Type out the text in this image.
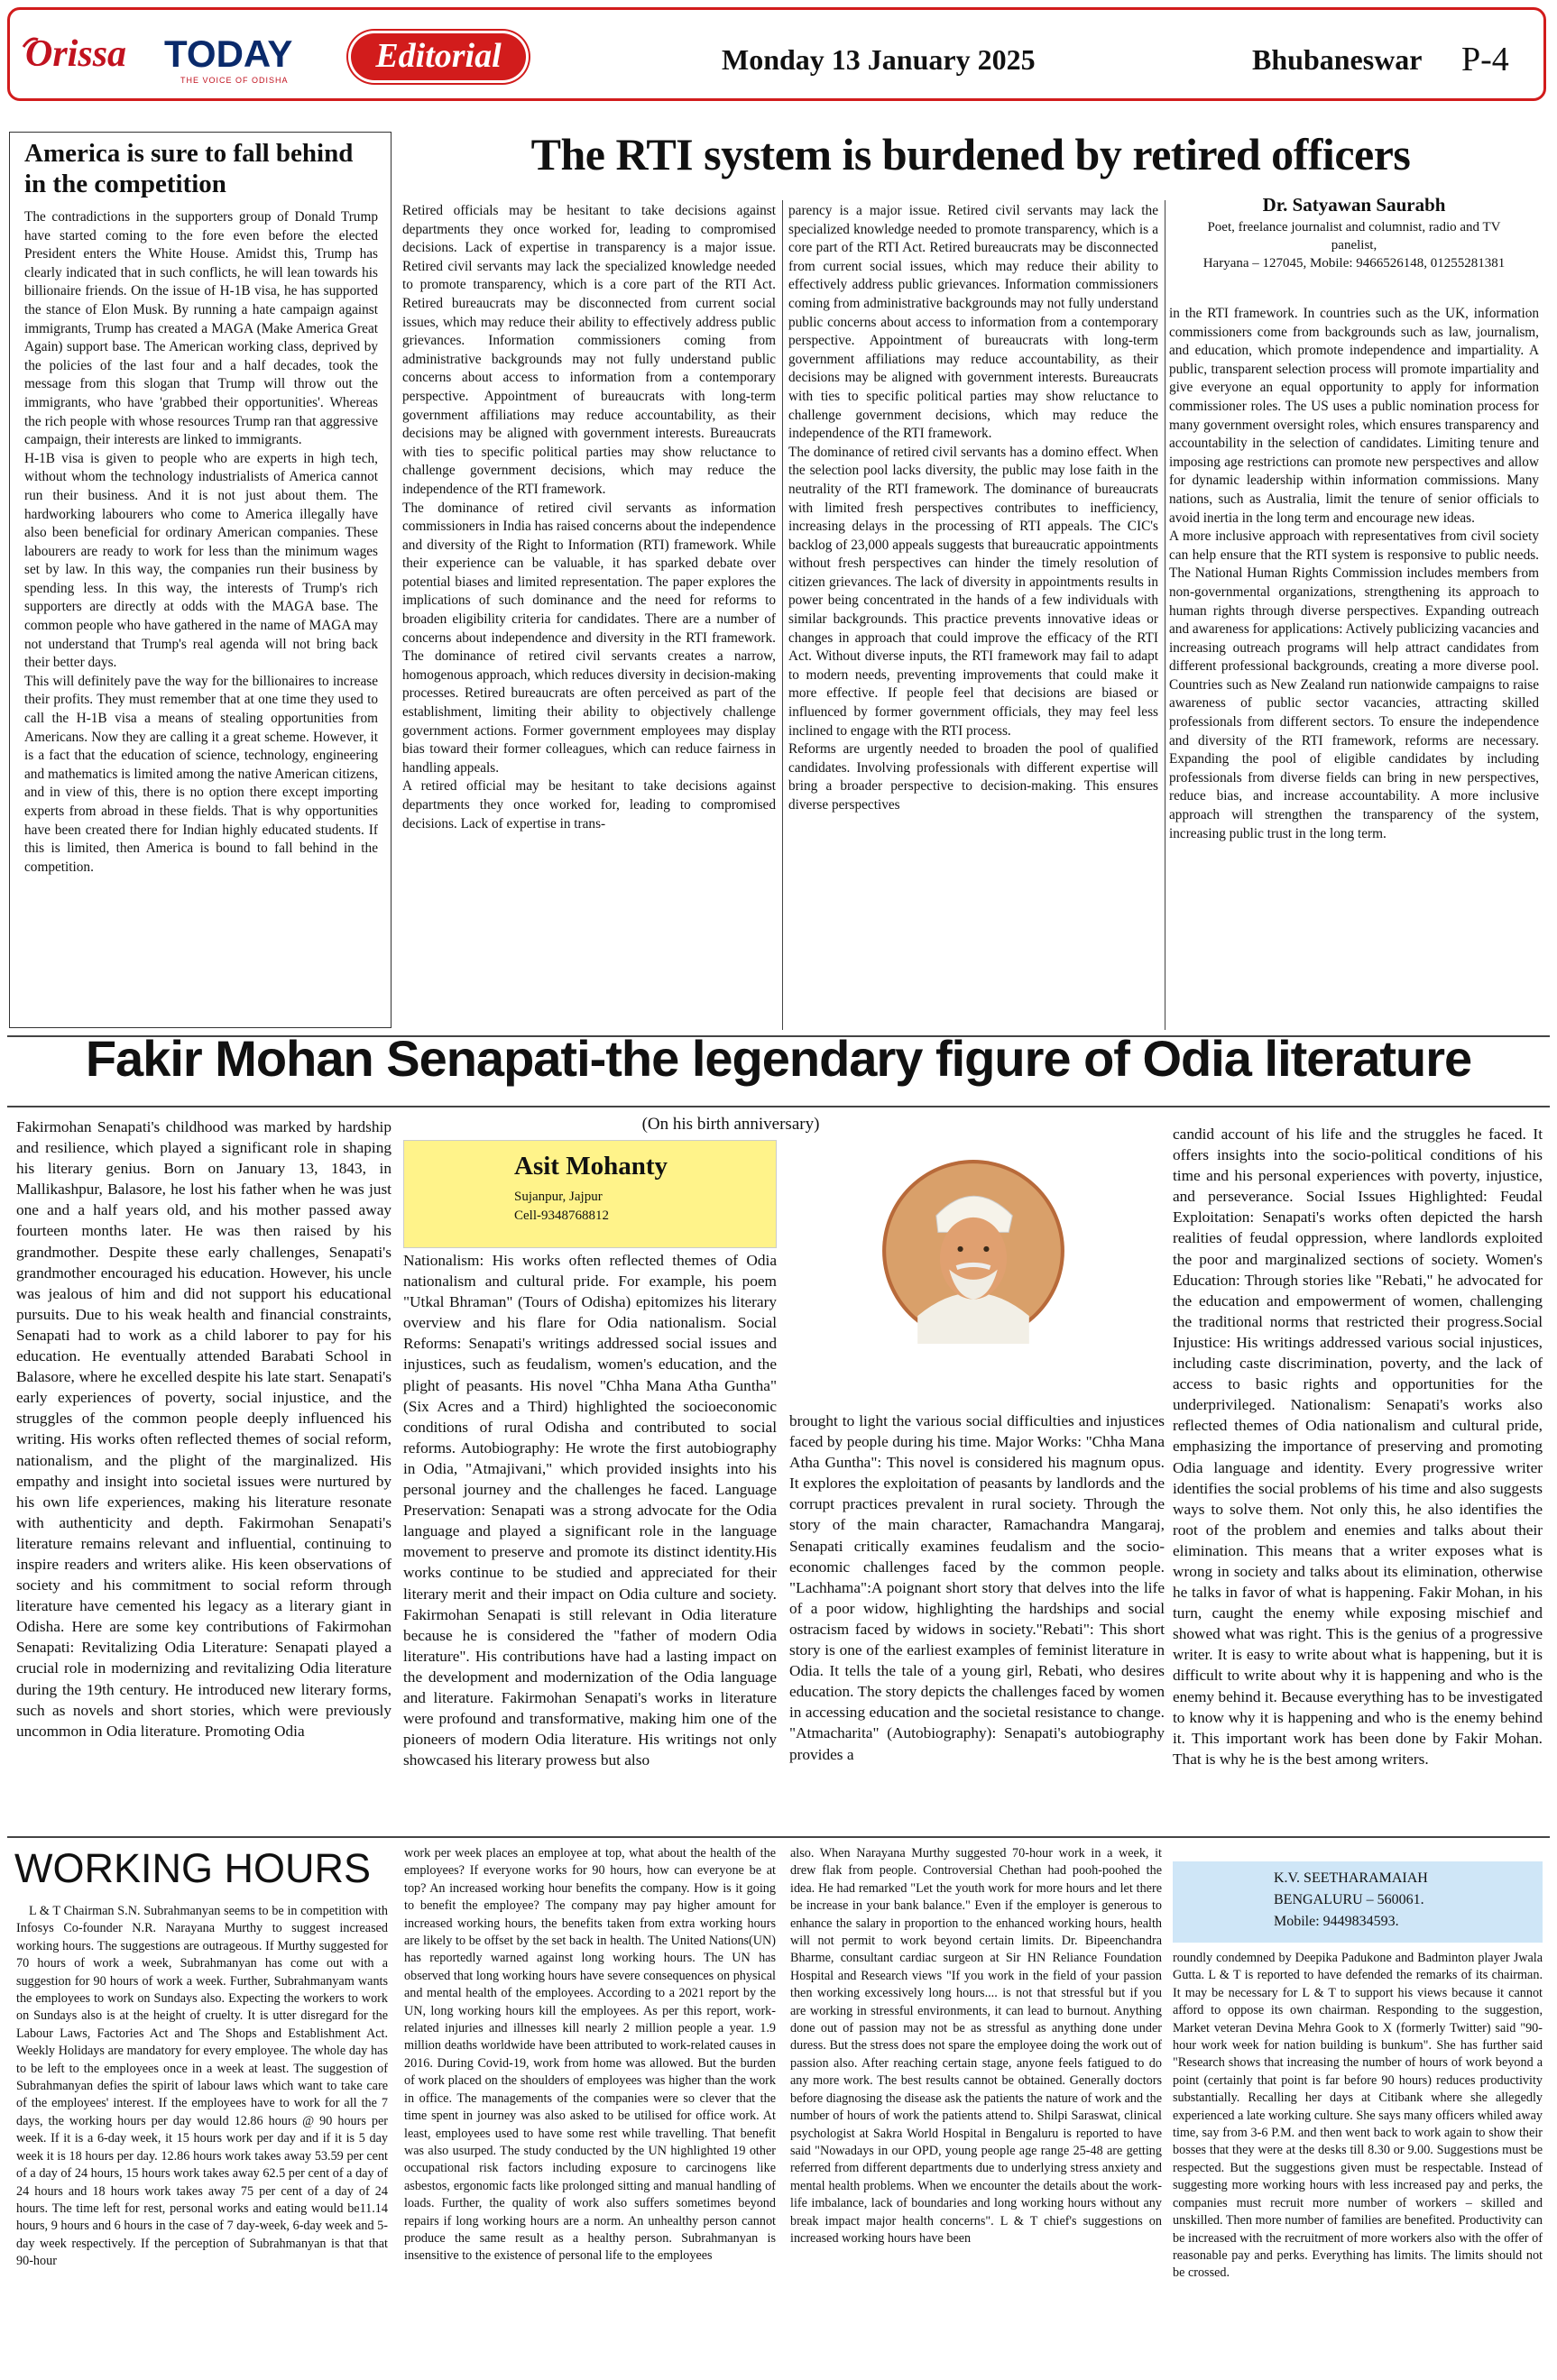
Orissa TODAY
THE VOICE OF ODISHA
Editorial	Monday 13 January 2025	Bhubaneswar P-4
America is sure to fall behind in the competition

The contradictions in the supporters group of Donald Trump have started coming to the fore even before the elected President enters the White House. Amidst this, Trump has clearly indicated that in such conflicts, he will lean towards his billionaire friends. On the issue of H-1B visa, he has supported the stance of Elon Musk. By running a hate campaign against immigrants, Trump has created a MAGA (Make America Great Again) support base. The American working class, deprived by the policies of the last four and a half decades, took the message from this slogan that Trump will throw out the immigrants, who have 'grabbed their opportunities'. Whereas the rich people with whose resources Trump ran that aggressive campaign, their interests are linked to immigrants.
H-1B visa is given to people who are experts in high tech, without whom the technology industrialists of America cannot run their business. And it is not just about them. The hardworking labourers who come to America illegally have also been beneficial for ordinary American companies. These labourers are ready to work for less than the minimum wages set by law. In this way, the companies run their business by spending less. In this way, the interests of Trump's rich supporters are directly at odds with the MAGA base. The common people who have gathered in the name of MAGA may not understand that Trump's real agenda will not bring back their better days.
This will definitely pave the way for the billionaires to increase their profits. They must remember that at one time they used to call the H-1B visa a means of stealing opportunities from Americans. Now they are calling it a great scheme. However, it is a fact that the education of science, technology, engineering and mathematics is limited among the native American citizens, and in view of this, there is no option there except importing experts from abroad in these fields. That is why opportunities have been created there for Indian highly educated students. If this is limited, then America is bound to fall behind in the competition.

The RTI system is burdened by retired officers

Retired officials may be hesitant to take decisions against departments they once worked for, leading to compromised decisions. Lack of expertise in transparency is a major issue. Retired civil servants may lack the specialized knowledge needed to promote transparency, which is a core part of the RTI Act. Retired bureaucrats may be disconnected from current social issues, which may reduce their ability to effectively address public grievances. Information commissioners coming from administrative backgrounds may not fully understand public concerns about access to information from a contemporary perspective. Appointment of bureaucrats with long-term government affiliations may reduce accountability, as their decisions may be aligned with government interests. Bureaucrats with ties to specific political parties may show reluctance to challenge government decisions, which may reduce the independence of the RTI framework.
The dominance of retired civil servants as information commissioners in India has raised concerns about the independence and diversity of the Right to Information (RTI) framework. While their experience can be valuable, it has sparked debate over potential biases and limited representation. The paper explores the implications of such dominance and the need for reforms to broaden eligibility criteria for candidates. There are a number of concerns about independence and diversity in the RTI framework. The dominance of retired civil servants creates a narrow, homogenous approach, which reduces diversity in decision-making processes. Retired bureaucrats are often perceived as part of the establishment, limiting their ability to objectively challenge government actions. Former government employees may display bias toward their former colleagues, which can reduce fairness in handling appeals.
A retired official may be hesitant to take decisions against departments they once worked for, leading to compromised decisions. Lack of expertise in trans-

parency is a major issue. Retired civil servants may lack the specialized knowledge needed to promote transparency, which is a core part of the RTI Act. Retired bureaucrats may be disconnected from current social issues, which may reduce their ability to effectively address public grievances. Information commissioners coming from administrative backgrounds may not fully understand public concerns about access to information from a contemporary perspective. Appointment of bureaucrats with long-term government affiliations may reduce accountability, as their decisions may be aligned with government interests. Bureaucrats with ties to specific political parties may show reluctance to challenge government decisions, which may reduce the independence of the RTI framework.
The dominance of retired civil servants has a domino effect. When the selection pool lacks diversity, the public may lose faith in the neutrality of the RTI framework. The dominance of bureaucrats with limited fresh perspectives contributes to inefficiency, increasing delays in the processing of RTI appeals. The CIC's backlog of 23,000 appeals suggests that bureaucratic appointments without fresh perspectives can hinder the timely resolution of citizen grievances. The lack of diversity in appointments results in power being concentrated in the hands of a few individuals with similar backgrounds. This practice prevents innovative ideas or changes in approach that could improve the efficacy of the RTI Act. Without diverse inputs, the RTI framework may fail to adapt to modern needs, preventing improvements that could make it more effective. If people feel that decisions are biased or influenced by former government officials, they may feel less inclined to engage with the RTI process.
Reforms are urgently needed to broaden the pool of qualified candidates. Involving professionals with different expertise will bring a broader perspective to decision-making. This ensures diverse perspectives

Dr. Satyawan Saurabh
Poet, freelance journalist and columnist, radio and TV panelist,
Haryana – 127045, Mobile: 9466526148, 01255281381

in the RTI framework. In countries such as the UK, information commissioners come from backgrounds such as law, journalism, and education, which promote independence and impartiality. A public, transparent selection process will promote impartiality and give everyone an equal opportunity to apply for information commissioner roles. The US uses a public nomination process for many government oversight roles, which ensures transparency and accountability in the selection of candidates. Limiting tenure and imposing age restrictions can promote new perspectives and allow for dynamic leadership within information commissions. Many nations, such as Australia, limit the tenure of senior officials to avoid inertia in the long term and encourage new ideas.
A more inclusive approach with representatives from civil society can help ensure that the RTI system is responsive to public needs. The National Human Rights Commission includes members from non-governmental organizations, strengthening its approach to human rights through diverse perspectives. Expanding outreach and awareness for applications: Actively publicizing vacancies and increasing outreach programs will help attract candidates from different professional backgrounds, creating a more diverse pool. Countries such as New Zealand run nationwide campaigns to raise awareness of public sector vacancies, attracting skilled professionals from different sectors. To ensure the independence and diversity of the RTI framework, reforms are necessary. Expanding the pool of eligible candidates by including professionals from diverse fields can bring in new perspectives, reduce bias, and increase accountability. A more inclusive approach will strengthen the transparency of the system, increasing public trust in the long term.

Fakir Mohan Senapati-the legendary figure of Odia literature

Fakirmohan Senapati's childhood was marked by hardship and resilience, which played a significant role in shaping his literary genius. Born on January 13, 1843, in Mallikashpur, Balasore, he lost his father when he was just one and a half years old, and his mother passed away fourteen months later. He was then raised by his grandmother. Despite these early challenges, Senapati's grandmother encouraged his education. However, his uncle was jealous of him and did not support his educational pursuits. Due to his weak health and financial constraints, Senapati had to work as a child laborer to pay for his education. He eventually attended Barabati School in Balasore, where he excelled despite his late start. Senapati's early experiences of poverty, social injustice, and the struggles of the common people deeply influenced his writing. His works often reflected themes of social reform, nationalism, and the plight of the marginalized. His empathy and insight into societal issues were nurtured by his own life experiences, making his literature resonate with authenticity and depth. Fakirmohan Senapati's literature remains relevant and influential, continuing to inspire readers and writers alike. His keen observations of society and his commitment to social reform through literature have cemented his legacy as a literary giant in Odisha. Here are some key contributions of Fakirmohan Senapati: Revitalizing Odia Literature: Senapati played a crucial role in modernizing and revitalizing Odia literature during the 19th century. He introduced new literary forms, such as novels and short stories, which were previously uncommon in Odia literature. Promoting Odia

(On his birth anniversary)
Asit Mohanty
Sujanpur, Jajpur
Cell-9348768812

Nationalism: His works often reflected themes of Odia nationalism and cultural pride. For example, his poem "Utkal Bhraman" (Tours of Odisha) epitomizes his literary overview and his flare for Odia nationalism. Social Reforms: Senapati's writings addressed social issues and injustices, such as feudalism, women's education, and the plight of peasants. His novel "Chha Mana Atha Guntha" (Six Acres and a Third) highlighted the socioeconomic conditions of rural Odisha and contributed to social reforms. Autobiography: He wrote the first autobiography in Odia, "Atmajivani," which provided insights into his personal journey and the challenges he faced. Language Preservation: Senapati was a strong advocate for the Odia language and played a significant role in the language movement to preserve and promote its distinct identity.His works continue to be studied and appreciated for their literary merit and their impact on Odia culture and society. Fakirmohan Senapati is still relevant in Odia literature because he is considered the "father of modern Odia literature". His contributions have had a lasting impact on the development and modernization of the Odia language and literature. Fakirmohan Senapati's works in literature were profound and transformative, making him one of the pioneers of modern Odia literature. His writings not only showcased his literary prowess but also

brought to light the various social difficulties and injustices faced by people during his time. Major Works: "Chha Mana Atha Guntha": This novel is considered his magnum opus. It explores the exploitation of peasants by landlords and the corrupt practices prevalent in rural society. Through the story of the main character, Ramachandra Mangaraj, Senapati critically examines feudalism and the socio-economic challenges faced by the common people. "Lachhama":A poignant short story that delves into the life of a poor widow, highlighting the hardships and social ostracism faced by widows in society."Rebati": This short story is one of the earliest examples of feminist literature in Odia. It tells the tale of a young girl, Rebati, who desires education. The story depicts the challenges faced by women in accessing education and the societal resistance to change. "Atmacharita" (Autobiography): Senapati's autobiography provides a

candid account of his life and the struggles he faced. It offers insights into the socio-political conditions of his time and his personal experiences with poverty, injustice, and perseverance. Social Issues Highlighted: Feudal Exploitation: Senapati's works often depicted the harsh realities of feudal oppression, where landlords exploited the poor and marginalized sections of society. Women's Education: Through stories like "Rebati," he advocated for the education and empowerment of women, challenging the traditional norms that restricted their progress.Social Injustice: His writings addressed various social injustices, including caste discrimination, poverty, and the lack of access to basic rights and opportunities for the underprivileged. Nationalism: Senapati's works also reflected themes of Odia nationalism and cultural pride, emphasizing the importance of preserving and promoting Odia language and identity. Every progressive writer identifies the social problems of his time and also suggests ways to solve them. Not only this, he also identifies the root of the problem and enemies and talks about their elimination. This means that a writer exposes what is wrong in society and talks about its elimination, otherwise he talks in favor of what is happening. Fakir Mohan, in his turn, caught the enemy while exposing mischief and showed what was right. This is the genius of a progressive writer. It is easy to write about what is happening, but it is difficult to write about why it is happening and who is the enemy behind it. Because everything has to be investigated to know why it is happening and who is the enemy behind it. This important work has been done by Fakir Mohan. That is why he is the best among writers.

WORKING HOURS

L & T Chairman S.N. Subrahmanyan seems to be in competition with Infosys Co-founder N.R. Narayana Murthy to suggest increased working hours. The suggestions are outrageous. If Murthy suggested for 70 hours of work a week, Subrahmanyan has come out with a suggestion for 90 hours of work a week. Further, Subrahmanyam wants the employees to work on Sundays also. Expecting the workers to work on Sundays also is at the height of cruelty. It is utter disregard for the Labour Laws, Factories Act and The Shops and Establishment Act. Weekly Holidays are mandatory for every employee. The whole day has to be left to the employees once in a week at least. The suggestion of Subrahmanyan defies the spirit of labour laws which want to take care of the employees' interest. If the employees have to work for all the 7 days, the working hours per day would 12.86 hours @ 90 hours per week. If it is a 6-day week, it 15 hours work per day and if it is 5 day week it is 18 hours per day. 12.86 hours work takes away 53.59 per cent of a day of 24 hours, 15 hours work takes away 62.5 per cent of a day of 24 hours and 18 hours work takes away 75 per cent of a day of 24 hours. The time left for rest, personal works and eating would be11.14 hours, 9 hours and 6 hours in the case of 7 day-week, 6-day week and 5-day week respectively. If the perception of Subrahmanyan is that that 90-hour

work per week places an employee at top, what about the health of the employees? If everyone works for 90 hours, how can everyone be at top? An increased working hour benefits the company. How is it going to benefit the employee? The company may pay higher amount for increased working hours, the benefits taken from extra working hours are likely to be offset by the set back in health. The United Nations(UN) has reportedly warned against long working hours. The UN has observed that long working hours have severe consequences on physical and mental health of the employees. According to a 2021 report by the UN, long working hours kill the employees. As per this report, work-related injuries and illnesses kill nearly 2 million people a year. 1.9 million deaths worldwide have been attributed to work-related causes in 2016. During Covid-19, work from home was allowed. But the burden of work placed on the shoulders of employees was higher than the work in office. The managements of the companies were so clever that the time spent in journey was also asked to be utilised for office work. At least, employees used to have some rest while travelling. That benefit was also usurped. The study conducted by the UN highlighted 19 other occupational risk factors including exposure to carcinogens like asbestos, ergonomic facts like prolonged sitting and manual handling of loads. Further, the quality of work also suffers sometimes beyond repairs if long working hours are a norm. An unhealthy person cannot produce the same result as a healthy person. Subrahmanyan is insensitive to the existence of personal life to the employees

also. When Narayana Murthy suggested 70-hour work in a week, it drew flak from people. Controversial Chethan had pooh-poohed the idea. He had remarked "Let the youth work for more hours and let there be increase in your bank balance." Even if the employer is generous to enhance the salary in proportion to the enhanced working hours, health will not permit to work beyond certain limits. Dr. Bipeenchandra Bharme, consultant cardiac surgeon at Sir HN Reliance Foundation Hospital and Research views "If you work in the field of your passion then working excessively long hours.... is not that stressful but if you are working in stressful environments, it can lead to burnout. Anything done out of passion may not be as stressful as anything done under duress. But the stress does not spare the employee doing the work out of passion also. After reaching certain stage, anyone feels fatigued to do any more work. The best results cannot be obtained. Generally doctors before diagnosing the disease ask the patients the nature of work and the number of hours of work the patients attend to. Shilpi Saraswat, clinical psychologist at Sakra World Hospital in Bengaluru is reported to have said "Nowadays in our OPD, young people age range 25-48 are getting referred from different departments due to underlying stress anxiety and mental health problems. When we encounter the details about the work-life imbalance, lack of boundaries and long working hours without any break impact major health concerns". L & T chief's suggestions on increased working hours have been

K.V. SEETHARAMAIAH
BENGALURU – 560061.
Mobile: 9449834593.

roundly condemned by Deepika Padukone and Badminton player Jwala Gutta. L & T is reported to have defended the remarks of its chairman. It may be necessary for L & T to support his views because it cannot afford to oppose its own chairman. Responding to the suggestion, Market veteran Devina Mehra Gook to X (formerly Twitter) said "90-hour work week for nation building is bunkum". She has further said "Research shows that increasing the number of hours of work beyond a point (certainly that point is far before 90 hours) reduces productivity substantially. Recalling her days at Citibank where she allegedly experienced a late working culture. She says many officers whiled away time, say from 3-6 P.M. and then went back to work again to show their bosses that they were at the desks till 8.30 or 9.00. Suggestions must be respected. But the suggestions given must be respectable. Instead of suggesting more working hours with less increased pay and perks, the companies must recruit more number of workers – skilled and unskilled. Then more number of families are benefited. Productivity can be increased with the recruitment of more workers also with the offer of reasonable pay and perks. Everything has limits. The limits should not be crossed.
